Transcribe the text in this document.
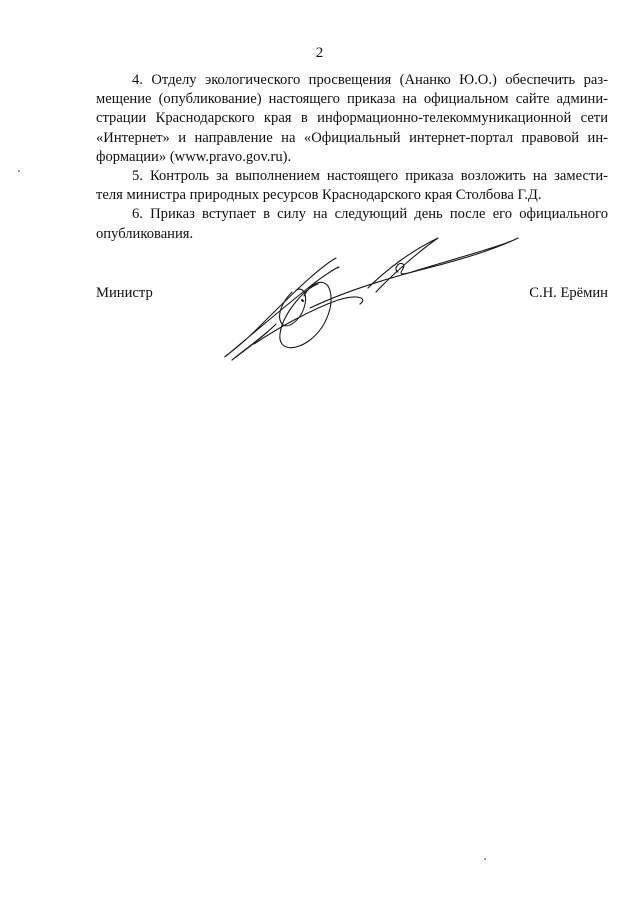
2
4. Отделу экологического просвещения (Ананко Ю.О.) обеспечить раз-
мещение (опубликование) настоящего приказа на официальном сайте админи-
страции Краснодарского края в информационно-телекоммуникационной сети
«Интернет» и направление на «Официальный интернет-портал правовой ин-
формации» (www.pravo.gov.ru).
5. Контроль за выполнением настоящего приказа возложить на замести-
теля министра природных ресурсов Краснодарского края Столбова Г.Д.
6. Приказ вступает в силу на следующий день после его официального
опубликования.
Министр	С.Н. Ерёмин
